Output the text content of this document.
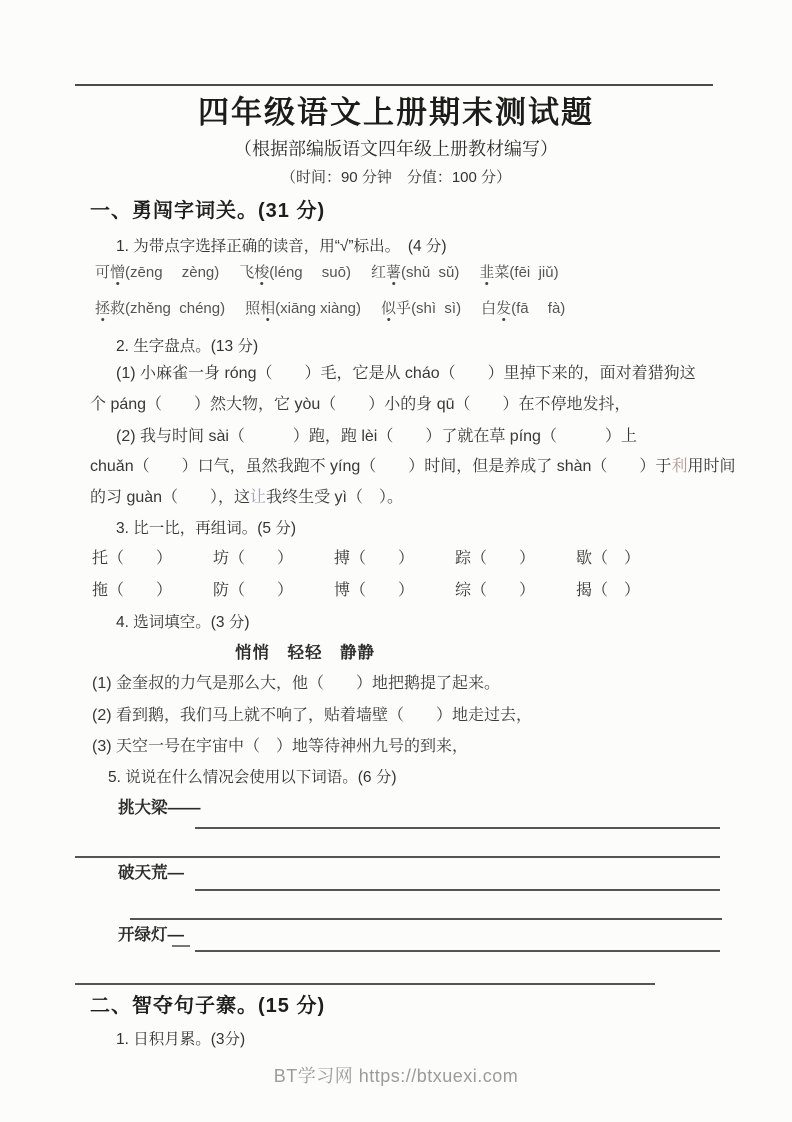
四年级语文上册期末测试题
（根据部编版语文四年级上册教材编写）
（时间：90 分钟　分值：100 分）
一、勇闯字词关。(31 分)
1. 为带点字选择正确的读音，用“√”标出。　(4 分)
可憎(zēng　 zèng) 飞梭(léng　 suō) 红薯(shǔ  sǔ) 韭菜(fēi  jiǔ)
拯救(zhěng  chéng) 照相(xiāng xiàng) 似乎(shì  sì) 白发(fā　 fà)
2. 生字盘点。(13 分)
(1) 小麻雀一身 róng（　　）毛，它是从 cháo（　　）里掉下来的，面对着猎狗这
个 páng（　　）然大物，它 yòu（　　）小的身 qū（　　）在不停地发抖，
(2) 我与时间 sài（　　　）跑，跑 lèi（　　）了就在草 píng（　　　）上
chuǎn（　　）口气，虽然我跑不 yíng（　　）时间，但是养成了 shàn（　　）于利用时间
的习 guàn（　　），这让我终生受 yì（　）。
3. 比一比，再组词。(5 分)
托（　　）	坊（　　）	搏（　　）	踪（　　）	歇（　）
拖（　　）	防（　　）	博（　　）	综（　　）	揭（　）
4. 选词填空。(3 分)
悄悄　轻轻　静静
(1) 金奎叔的力气是那么大，他（　　）地把鹅提了起来。
(2) 看到鹅，我们马上就不响了，贴着墙壁（　　）地走过去，
(3) 天空一号在宇宙中（　）地等待神州九号的到来，
5. 说说在什么情况会使用以下词语。(6 分)
挑大梁——
破天荒—
开绿灯—
二、智夺句子寨。(15 分)
1. 日积月累。(3分)
BT学习网 https://btxuexi.com
